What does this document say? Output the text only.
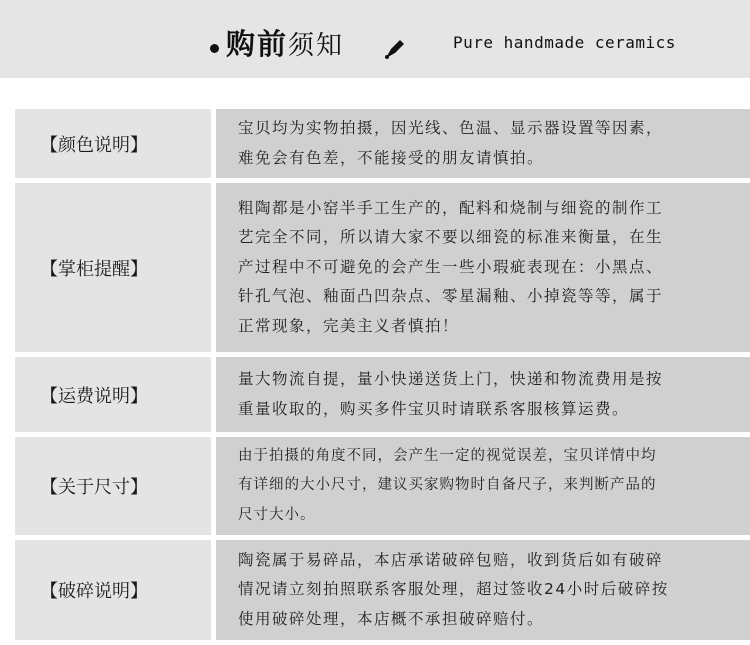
购前须知	Pure handmade ceramics
【颜色说明】

宝贝均为实物拍摄，因光线、色温、显示器设置等因素，
难免会有色差，不能接受的朋友请慎拍。

【掌柜提醒】

粗陶都是小窑半手工生产的，配料和烧制与细瓷的制作工
艺完全不同，所以请大家不要以细瓷的标准来衡量，在生
产过程中不可避免的会产生一些小瑕疵表现在：小黑点、
针孔气泡、釉面凸凹杂点、零星漏釉、小掉瓷等等，属于
正常现象，完美主义者慎拍！

【运费说明】

量大物流自提，量小快递送货上门，快递和物流费用是按
重量收取的，购买多件宝贝时请联系客服核算运费。

【关于尺寸】

由于拍摄的角度不同，会产生一定的视觉误差，宝贝详情中均
有详细的大小尺寸，建议买家购物时自备尺子，来判断产品的
尺寸大小。

【破碎说明】

陶瓷属于易碎品，本店承诺破碎包赔，收到货后如有破碎
情况请立刻拍照联系客服处理，超过签收24小时后破碎按
使用破碎处理，本店概不承担破碎赔付。
